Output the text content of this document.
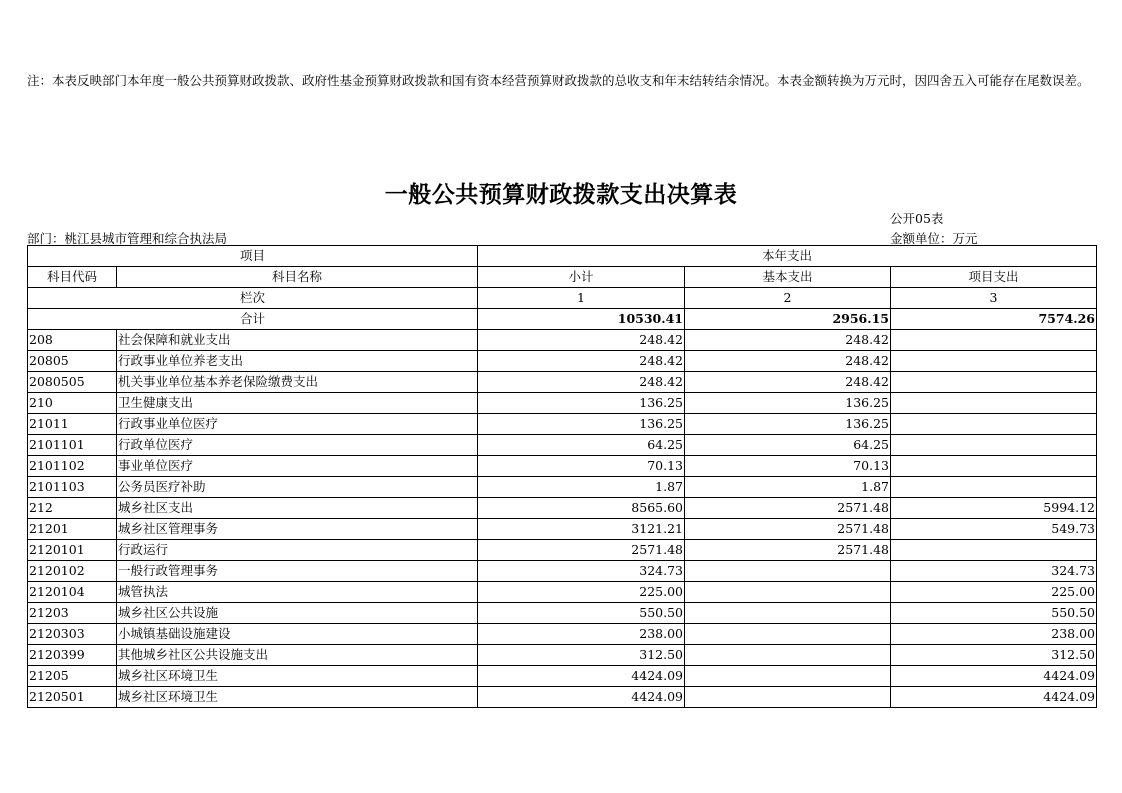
注：本表反映部门本年度一般公共预算财政拨款、政府性基金预算财政拨款和国有资本经营预算财政拨款的总收支和年末结转结余情况。本表金额转换为万元时，因四舍五入可能存在尾数误差。
一般公共预算财政拨款支出决算表
公开05表
金额单位：万元
部门：桃江县城市管理和综合执法局
项目		本年支出		
科目代码	科目名称	小计	基本支出	项目支出
栏次		1	2	3
合计		10530.41	2956.15	7574.26
208	社会保障和就业支出	248.42	248.42	
20805	行政事业单位养老支出	248.42	248.42	
2080505	机关事业单位基本养老保险缴费支出	248.42	248.42	
210	卫生健康支出	136.25	136.25	
21011	行政事业单位医疗	136.25	136.25	
2101101	行政单位医疗	64.25	64.25	
2101102	事业单位医疗	70.13	70.13	
2101103	公务员医疗补助	1.87	1.87	
212	城乡社区支出	8565.60	2571.48	5994.12
21201	城乡社区管理事务	3121.21	2571.48	549.73
2120101	行政运行	2571.48	2571.48	
2120102	一般行政管理事务	324.73		324.73
2120104	城管执法	225.00		225.00
21203	城乡社区公共设施	550.50		550.50
2120303	小城镇基础设施建设	238.00		238.00
2120399	其他城乡社区公共设施支出	312.50		312.50
21205	城乡社区环境卫生	4424.09		4424.09
2120501	城乡社区环境卫生	4424.09		4424.09
